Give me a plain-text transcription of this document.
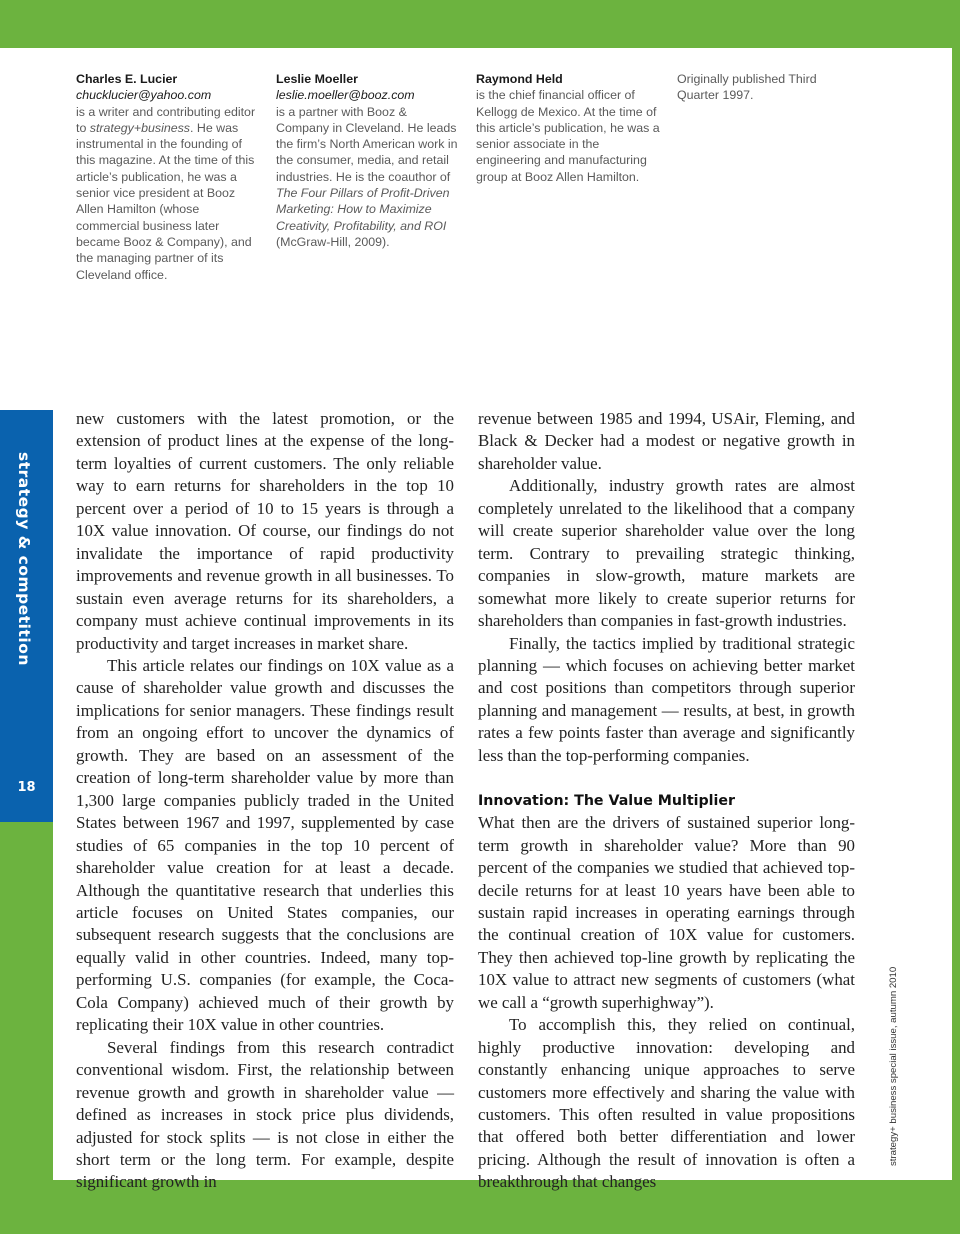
strategy & competition
18
strategy+ business special issue, autumn 2010
Charles E. Lucier
chucklucier@yahoo.com
is a writer and contributing editor to strategy+business. He was instrumental in the founding of this magazine. At the time of this article’s publication, he was a senior vice president at Booz Allen Hamilton (whose commercial business later became Booz & Company), and the managing partner of its Cleveland office.
Leslie Moeller
leslie.moeller@booz.com
is a partner with Booz & Company in Cleveland. He leads the firm’s North American work in the consumer, media, and retail industries. He is the coauthor of The Four Pillars of Profit-Driven Marketing: How to Maximize Creativity, Profitability, and ROI (McGraw-Hill, 2009).
Raymond Held
is the chief financial officer of Kellogg de Mexico. At the time of this article’s publication, he was a senior associate in the engineering and manufacturing group at Booz Allen Hamilton.
Originally published Third Quarter 1997.

new customers with the latest promotion, or the extension of product lines at the expense of the long-term loyalties of current customers. The only reliable way to earn returns for shareholders in the top 10 percent over a period of 10 to 15 years is through a 10X value innovation. Of course, our findings do not invalidate the importance of rapid productivity improvements and revenue growth in all businesses. To sustain even average returns for its shareholders, a company must achieve continual improvements in its productivity and target increases in market share.

This article relates our findings on 10X value as a cause of shareholder value growth and discusses the implications for senior managers. These findings result from an ongoing effort to uncover the dynamics of growth. They are based on an assessment of the creation of long-term shareholder value by more than 1,300 large companies publicly traded in the United States between 1967 and 1997, supplemented by case studies of 65 companies in the top 10 percent of shareholder value creation for at least a decade. Although the quantitative research that underlies this article focuses on United States companies, our subsequent research suggests that the conclusions are equally valid in other countries. Indeed, many top-performing U.S. companies (for example, the Coca-Cola Company) achieved much of their growth by replicating their 10X value in other countries.

Several findings from this research contradict conventional wisdom. First, the relationship between revenue growth and growth in shareholder value — defined as increases in stock price plus dividends, adjusted for stock splits — is not close in either the short term or the long term. For example, despite significant growth in

revenue between 1985 and 1994, USAir, Fleming, and Black & Decker had a modest or negative growth in shareholder value.

Additionally, industry growth rates are almost completely unrelated to the likelihood that a company will create superior shareholder value over the long term. Contrary to prevailing strategic thinking, companies in slow-growth, mature markets are somewhat more likely to create superior returns for shareholders than companies in fast-growth industries.

Finally, the tactics implied by traditional strategic planning — which focuses on achieving better market and cost positions than competitors through superior planning and management — results, at best, in growth rates a few points faster than average and significantly less than the top-performing companies.

Innovation: The Value Multiplier

What then are the drivers of sustained superior long-term growth in shareholder value? More than 90 percent of the companies we studied that achieved top-decile returns for at least 10 years have been able to sustain rapid increases in operating earnings through the continual creation of 10X value for customers. They then achieved top-line growth by replicating the 10X value to attract new segments of customers (what we call a “growth superhighway”).

To accomplish this, they relied on continual, highly productive innovation: developing and constantly enhancing unique approaches to serve customers more effectively and sharing the value with customers. This often resulted in value propositions that offered both better differentiation and lower pricing. Although the result of innovation is often a breakthrough that changes
